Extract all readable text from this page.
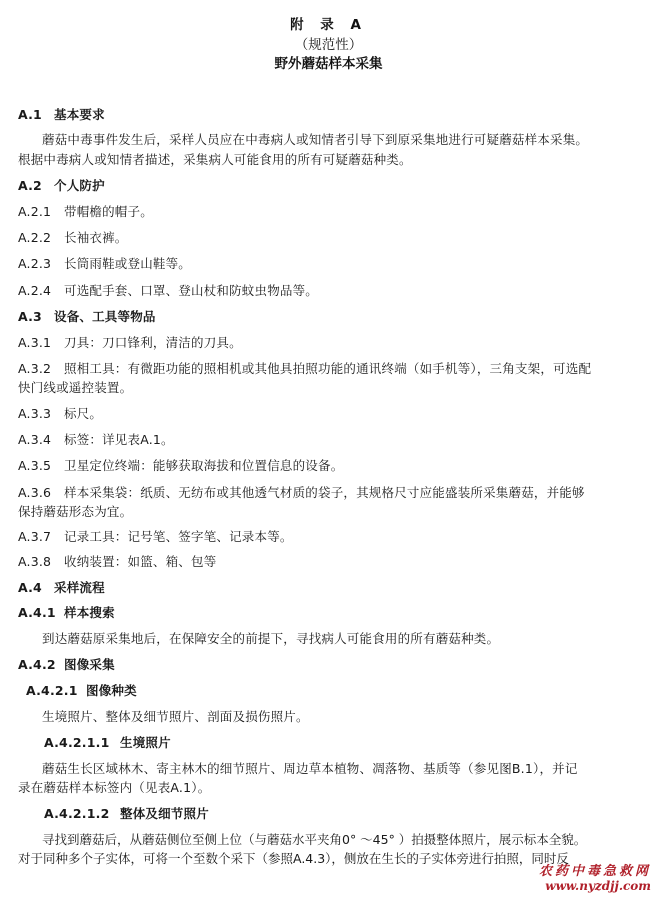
附 录 A
（规范性）
野外蘑菇样本采集
A.1 基本要求
蘑菇中毒事件发生后，采样人员应在中毒病人或知情者引导下到原采集地进行可疑蘑菇样本采集。
根据中毒病人或知情者描述，采集病人可能食用的所有可疑蘑菇种类。
A.2 个人防护
A.2.1 带帽檐的帽子。
A.2.2 长袖衣裤。
A.2.3 长筒雨鞋或登山鞋等。
A.2.4 可选配手套、口罩、登山杖和防蚊虫物品等。
A.3 设备、工具等物品
A.3.1 刀具：刀口锋利，清洁的刀具。
A.3.2 照相工具：有微距功能的照相机或其他具拍照功能的通讯终端（如手机等），三角支架，可选配
快门线或遥控装置。
A.3.3 标尺。
A.3.4 标签：详见表A.1。
A.3.5 卫星定位终端：能够获取海拔和位置信息的设备。
A.3.6 样本采集袋：纸质、无纺布或其他透气材质的袋子，其规格尺寸应能盛装所采集蘑菇，并能够
保持蘑菇形态为宜。
A.3.7 记录工具：记号笔、签字笔、记录本等。
A.3.8 收纳装置：如篮、箱、包等
A.4 采样流程
A.4.1 样本搜索
到达蘑菇原采集地后，在保障安全的前提下，寻找病人可能食用的所有蘑菇种类。
A.4.2 图像采集
A.4.2.1 图像种类
生境照片、整体及细节照片、剖面及损伤照片。
A.4.2.1.1 生境照片
蘑菇生长区域林木、寄主林木的细节照片、周边草本植物、凋落物、基质等（参见图B.1），并记
录在蘑菇样本标签内（见表A.1）。
A.4.2.1.2 整体及细节照片
寻找到蘑菇后，从蘑菇侧位至侧上位（与蘑菇水平夹角0° ～45° ）拍摄整体照片，展示标本全貌。
对于同种多个子实体，可将一个至数个采下（参照A.4.3），侧放在生长的子实体旁进行拍照，同时反
农药中毒急救网
www.nyzdjj.com
